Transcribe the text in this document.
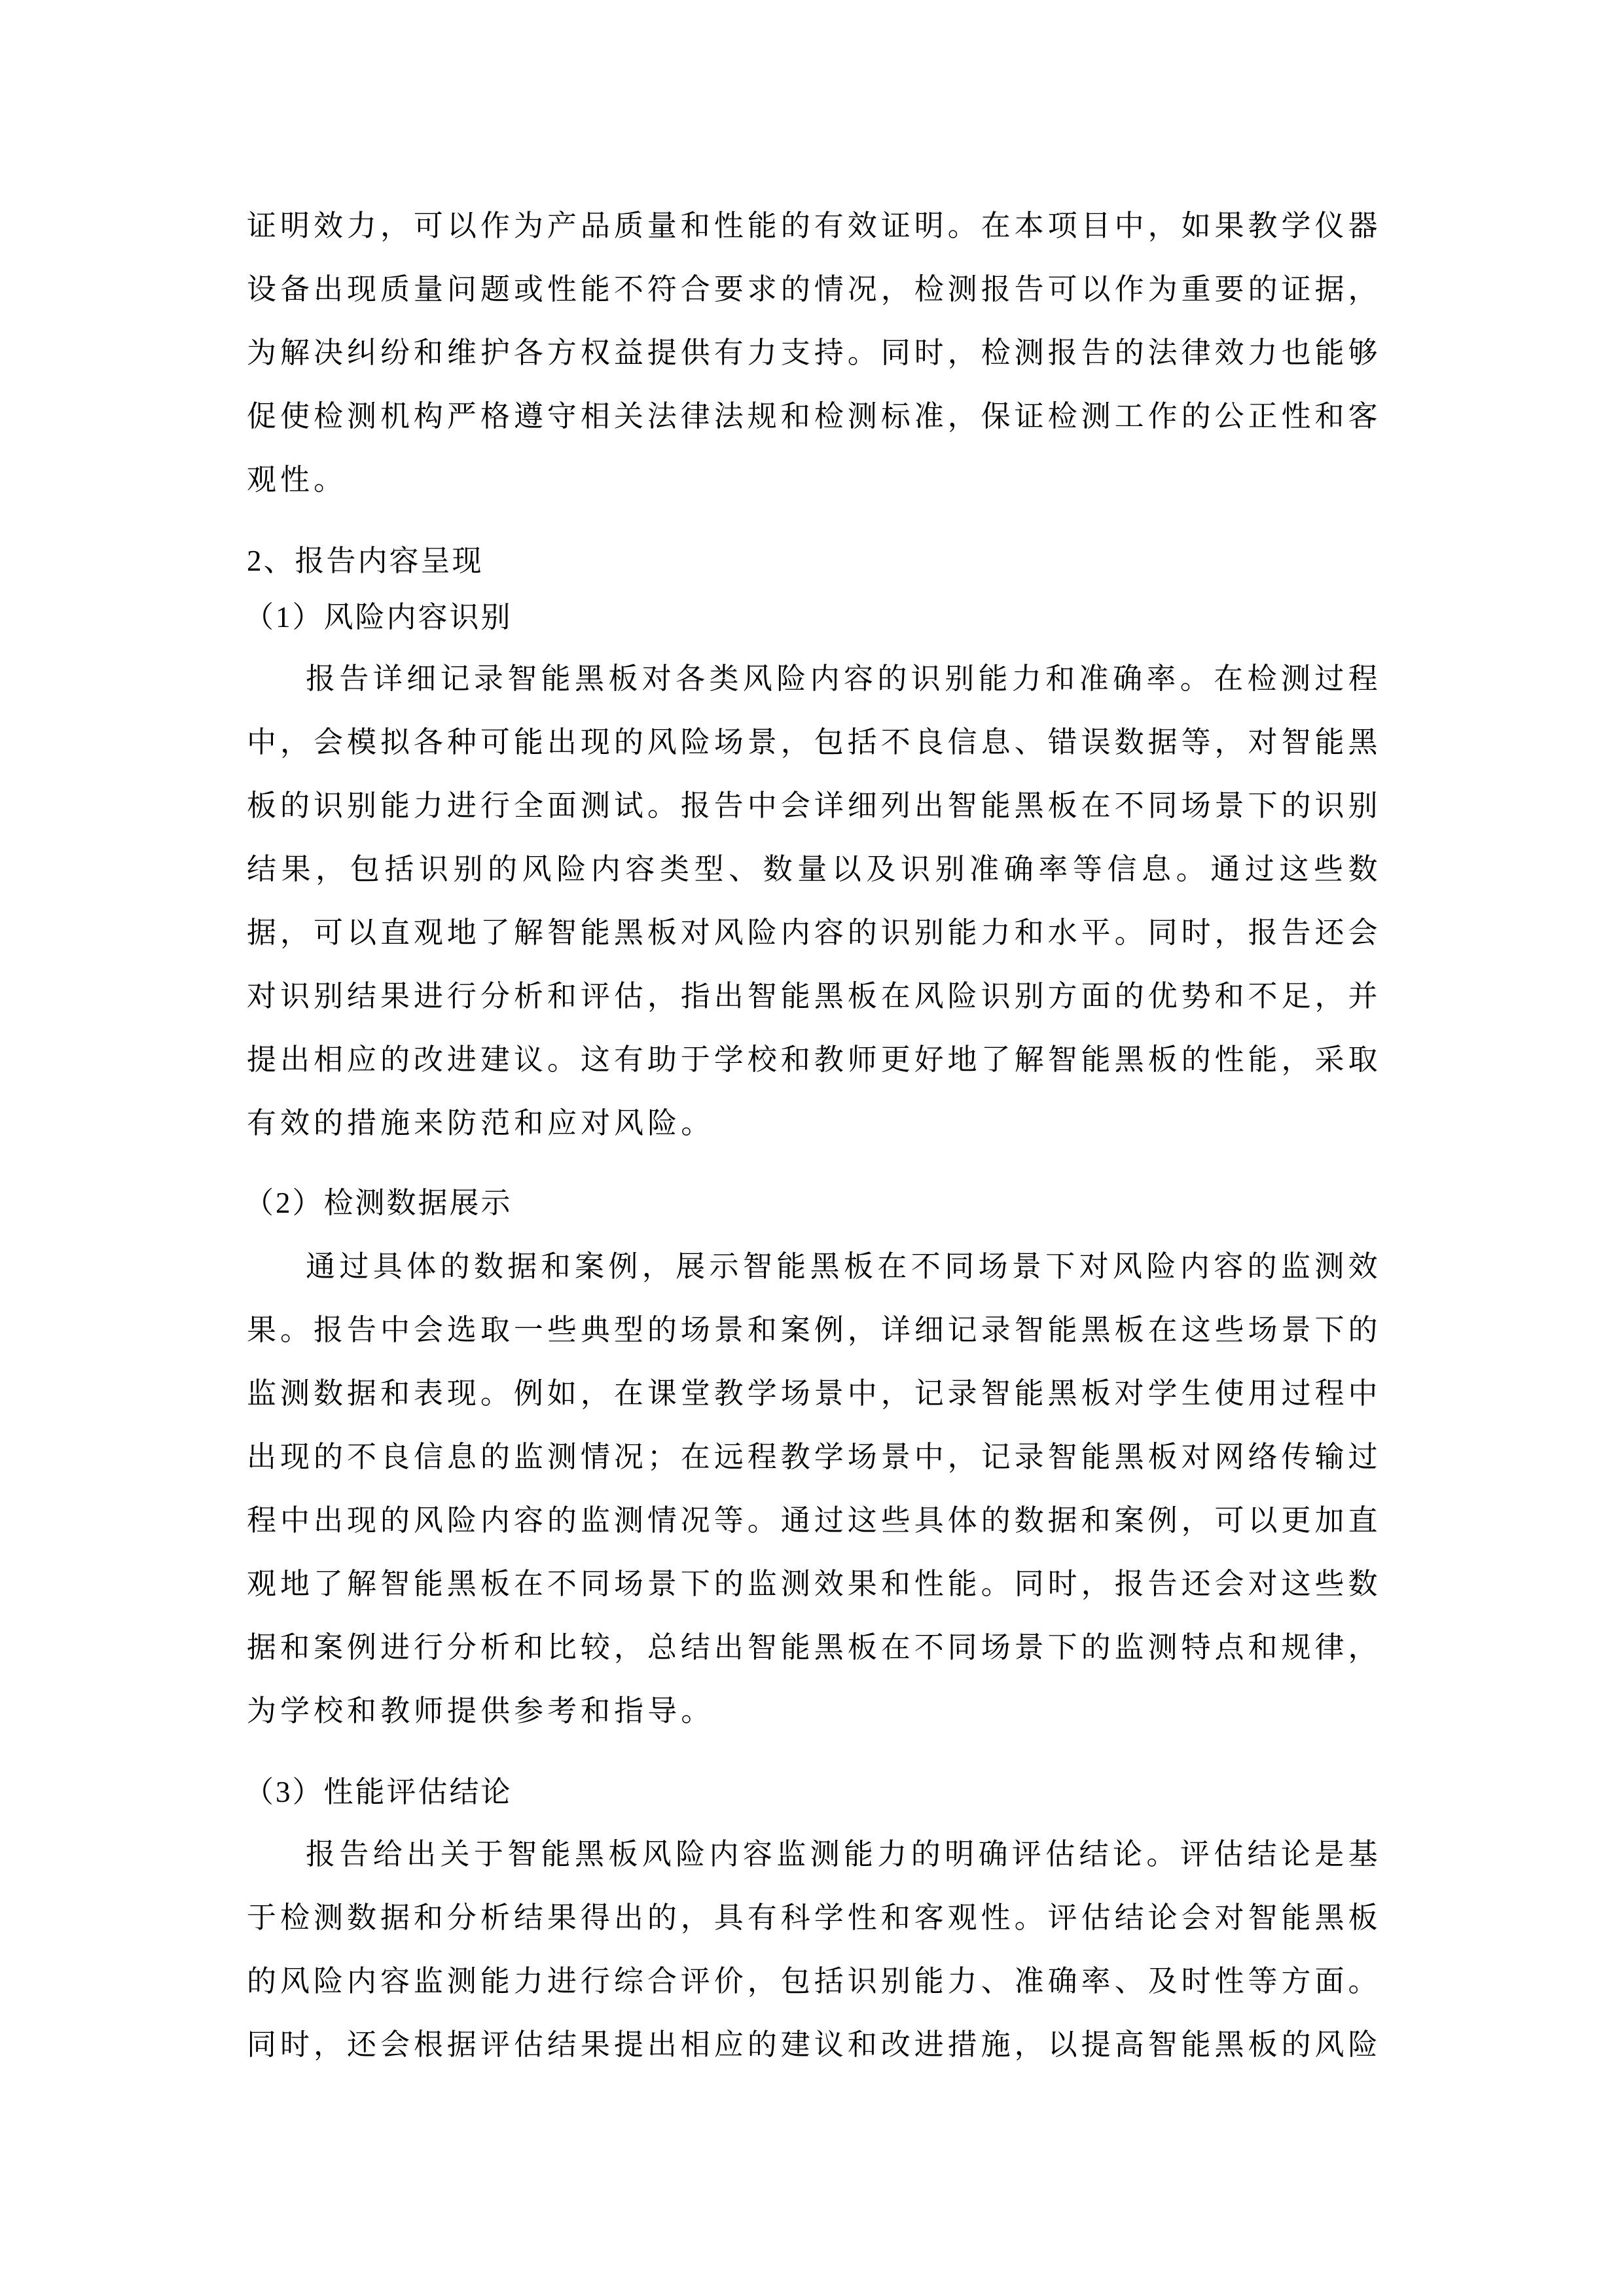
证 明 效 力 ， 可 以 作 为 产 品 质 量 和 性 能 的 有 效 证 明 。 在 本 项 目 中 ， 如 果 教 学 仪 器
设 备 出 现 质 量 问 题 或 性 能 不 符 合 要 求 的 情 况 ， 检 测 报 告 可 以 作 为 重 要 的 证 据 ，
为 解 决 纠 纷 和 维 护 各 方 权 益 提 供 有 力 支 持 。 同 时 ， 检 测 报 告 的 法 律 效 力 也 能 够
促 使 检 测 机 构 严 格 遵 守 相 关 法 律 法 规 和 检 测 标 准 ， 保 证 检 测 工 作 的 公 正 性 和 客
观 性 。
2、报告内容呈现
（1）风险内容识别
报 告 详 细 记 录 智 能 黑 板 对 各 类 风 险 内 容 的 识 别 能 力 和 准 确 率 。 在 检 测 过 程
中 ， 会 模 拟 各 种 可 能 出 现 的 风 险 场 景 ， 包 括 不 良 信 息 、 错 误 数 据 等 ， 对 智 能 黑
板 的 识 别 能 力 进 行 全 面 测 试 。 报 告 中 会 详 细 列 出 智 能 黑 板 在 不 同 场 景 下 的 识 别
结 果 ， 包 括 识 别 的 风 险 内 容 类 型 、 数 量 以 及 识 别 准 确 率 等 信 息 。 通 过 这 些 数
据 ， 可 以 直 观 地 了 解 智 能 黑 板 对 风 险 内 容 的 识 别 能 力 和 水 平 。 同 时 ， 报 告 还 会
对 识 别 结 果 进 行 分 析 和 评 估 ， 指 出 智 能 黑 板 在 风 险 识 别 方 面 的 优 势 和 不 足 ， 并
提 出 相 应 的 改 进 建 议 。 这 有 助 于 学 校 和 教 师 更 好 地 了 解 智 能 黑 板 的 性 能 ， 采 取
有 效 的 措 施 来 防 范 和 应 对 风 险 。
（2）检测数据展示
通 过 具 体 的 数 据 和 案 例 ， 展 示 智 能 黑 板 在 不 同 场 景 下 对 风 险 内 容 的 监 测 效
果 。 报 告 中 会 选 取 一 些 典 型 的 场 景 和 案 例 ， 详 细 记 录 智 能 黑 板 在 这 些 场 景 下 的
监 测 数 据 和 表 现 。 例 如 ， 在 课 堂 教 学 场 景 中 ， 记 录 智 能 黑 板 对 学 生 使 用 过 程 中
出 现 的 不 良 信 息 的 监 测 情 况 ； 在 远 程 教 学 场 景 中 ， 记 录 智 能 黑 板 对 网 络 传 输 过
程 中 出 现 的 风 险 内 容 的 监 测 情 况 等 。 通 过 这 些 具 体 的 数 据 和 案 例 ， 可 以 更 加 直
观 地 了 解 智 能 黑 板 在 不 同 场 景 下 的 监 测 效 果 和 性 能 。 同 时 ， 报 告 还 会 对 这 些 数
据 和 案 例 进 行 分 析 和 比 较 ， 总 结 出 智 能 黑 板 在 不 同 场 景 下 的 监 测 特 点 和 规 律 ，
为 学 校 和 教 师 提 供 参 考 和 指 导 。
（3）性能评估结论
报 告 给 出 关 于 智 能 黑 板 风 险 内 容 监 测 能 力 的 明 确 评 估 结 论 。 评 估 结 论 是 基
于 检 测 数 据 和 分 析 结 果 得 出 的 ， 具 有 科 学 性 和 客 观 性 。 评 估 结 论 会 对 智 能 黑 板
的 风 险 内 容 监 测 能 力 进 行 综 合 评 价 ， 包 括 识 别 能 力 、 准 确 率 、 及 时 性 等 方 面 。
同 时 ， 还 会 根 据 评 估 结 果 提 出 相 应 的 建 议 和 改 进 措 施 ， 以 提 高 智 能 黑 板 的 风 险
